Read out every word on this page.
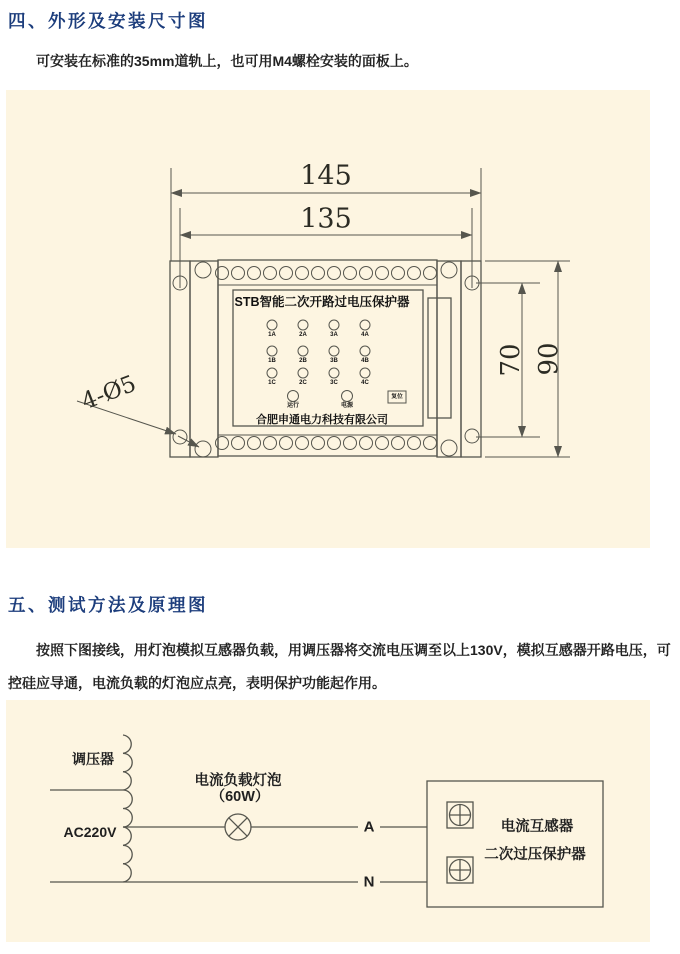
四、外形及安装尺寸图
可安装在标准的35mm道轨上，也可用M4螺栓安装的面板上。
STB智能二次开路过电压保护器
1A	2A	3A	4A
1B	2B	3B	4B
1C	2C	3C	4C
运行	电源
复位
合肥申通电力科技有限公司
145
135
70 90
4-Ø5
五、测试方法及原理图
按照下图接线，用灯泡模拟互感器负载，用调压器将交流电压调至以上130V，模拟互感器开路电压，可控硅应导通，电流负载的灯泡应点亮，表明保护功能起作用。
调压器
AC220V
电流负载灯泡
（60W）
A
N
电流互感器
二次过压保护器
